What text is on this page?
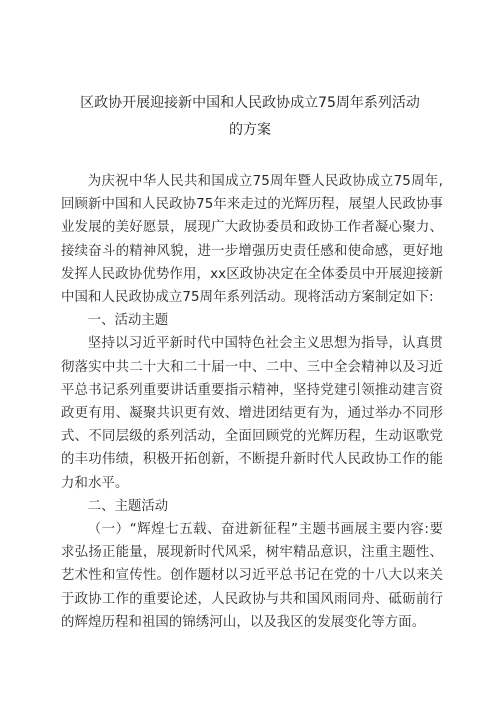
区政协开展迎接新中国和人民政协成立75周年系列活动
的方案

为庆祝中华人民共和国成立75周年暨人民政协成立75周年,回顾新中国和人民政协75年来走过的光辉历程，展望人民政协事业发展的美好愿景，展现广大政协委员和政协工作者凝心聚力、接续奋斗的精神风貌，进一步增强历史责任感和使命感，更好地发挥人民政协优势作用，xx区政协决定在全体委员中开展迎接新中国和人民政协成立75周年系列活动。现将活动方案制定如下:

一、活动主题

坚持以习近平新时代中国特色社会主义思想为指导，认真贯彻落实中共二十大和二十届一中、二中、三中全会精神以及习近平总书记系列重要讲话重要指示精神，坚持党建引领推动建言资政更有用、凝聚共识更有效、增进团结更有为，通过举办不同形式、不同层级的系列活动，全面回顾党的光辉历程，生动讴歌党的丰功伟绩，积极开拓创新，不断提升新时代人民政协工作的能力和水平。

二、主题活动

（一）“辉煌七五载、奋进新征程”主题书画展主要内容:要求弘扬正能量，展现新时代风采，树牢精品意识，注重主题性、艺术性和宣传性。创作题材以习近平总书记在党的十八大以来关于政协工作的重要论述，人民政协与共和国风雨同舟、砥砺前行的辉煌历程和祖国的锦绣河山，以及我区的发展变化等方面。
